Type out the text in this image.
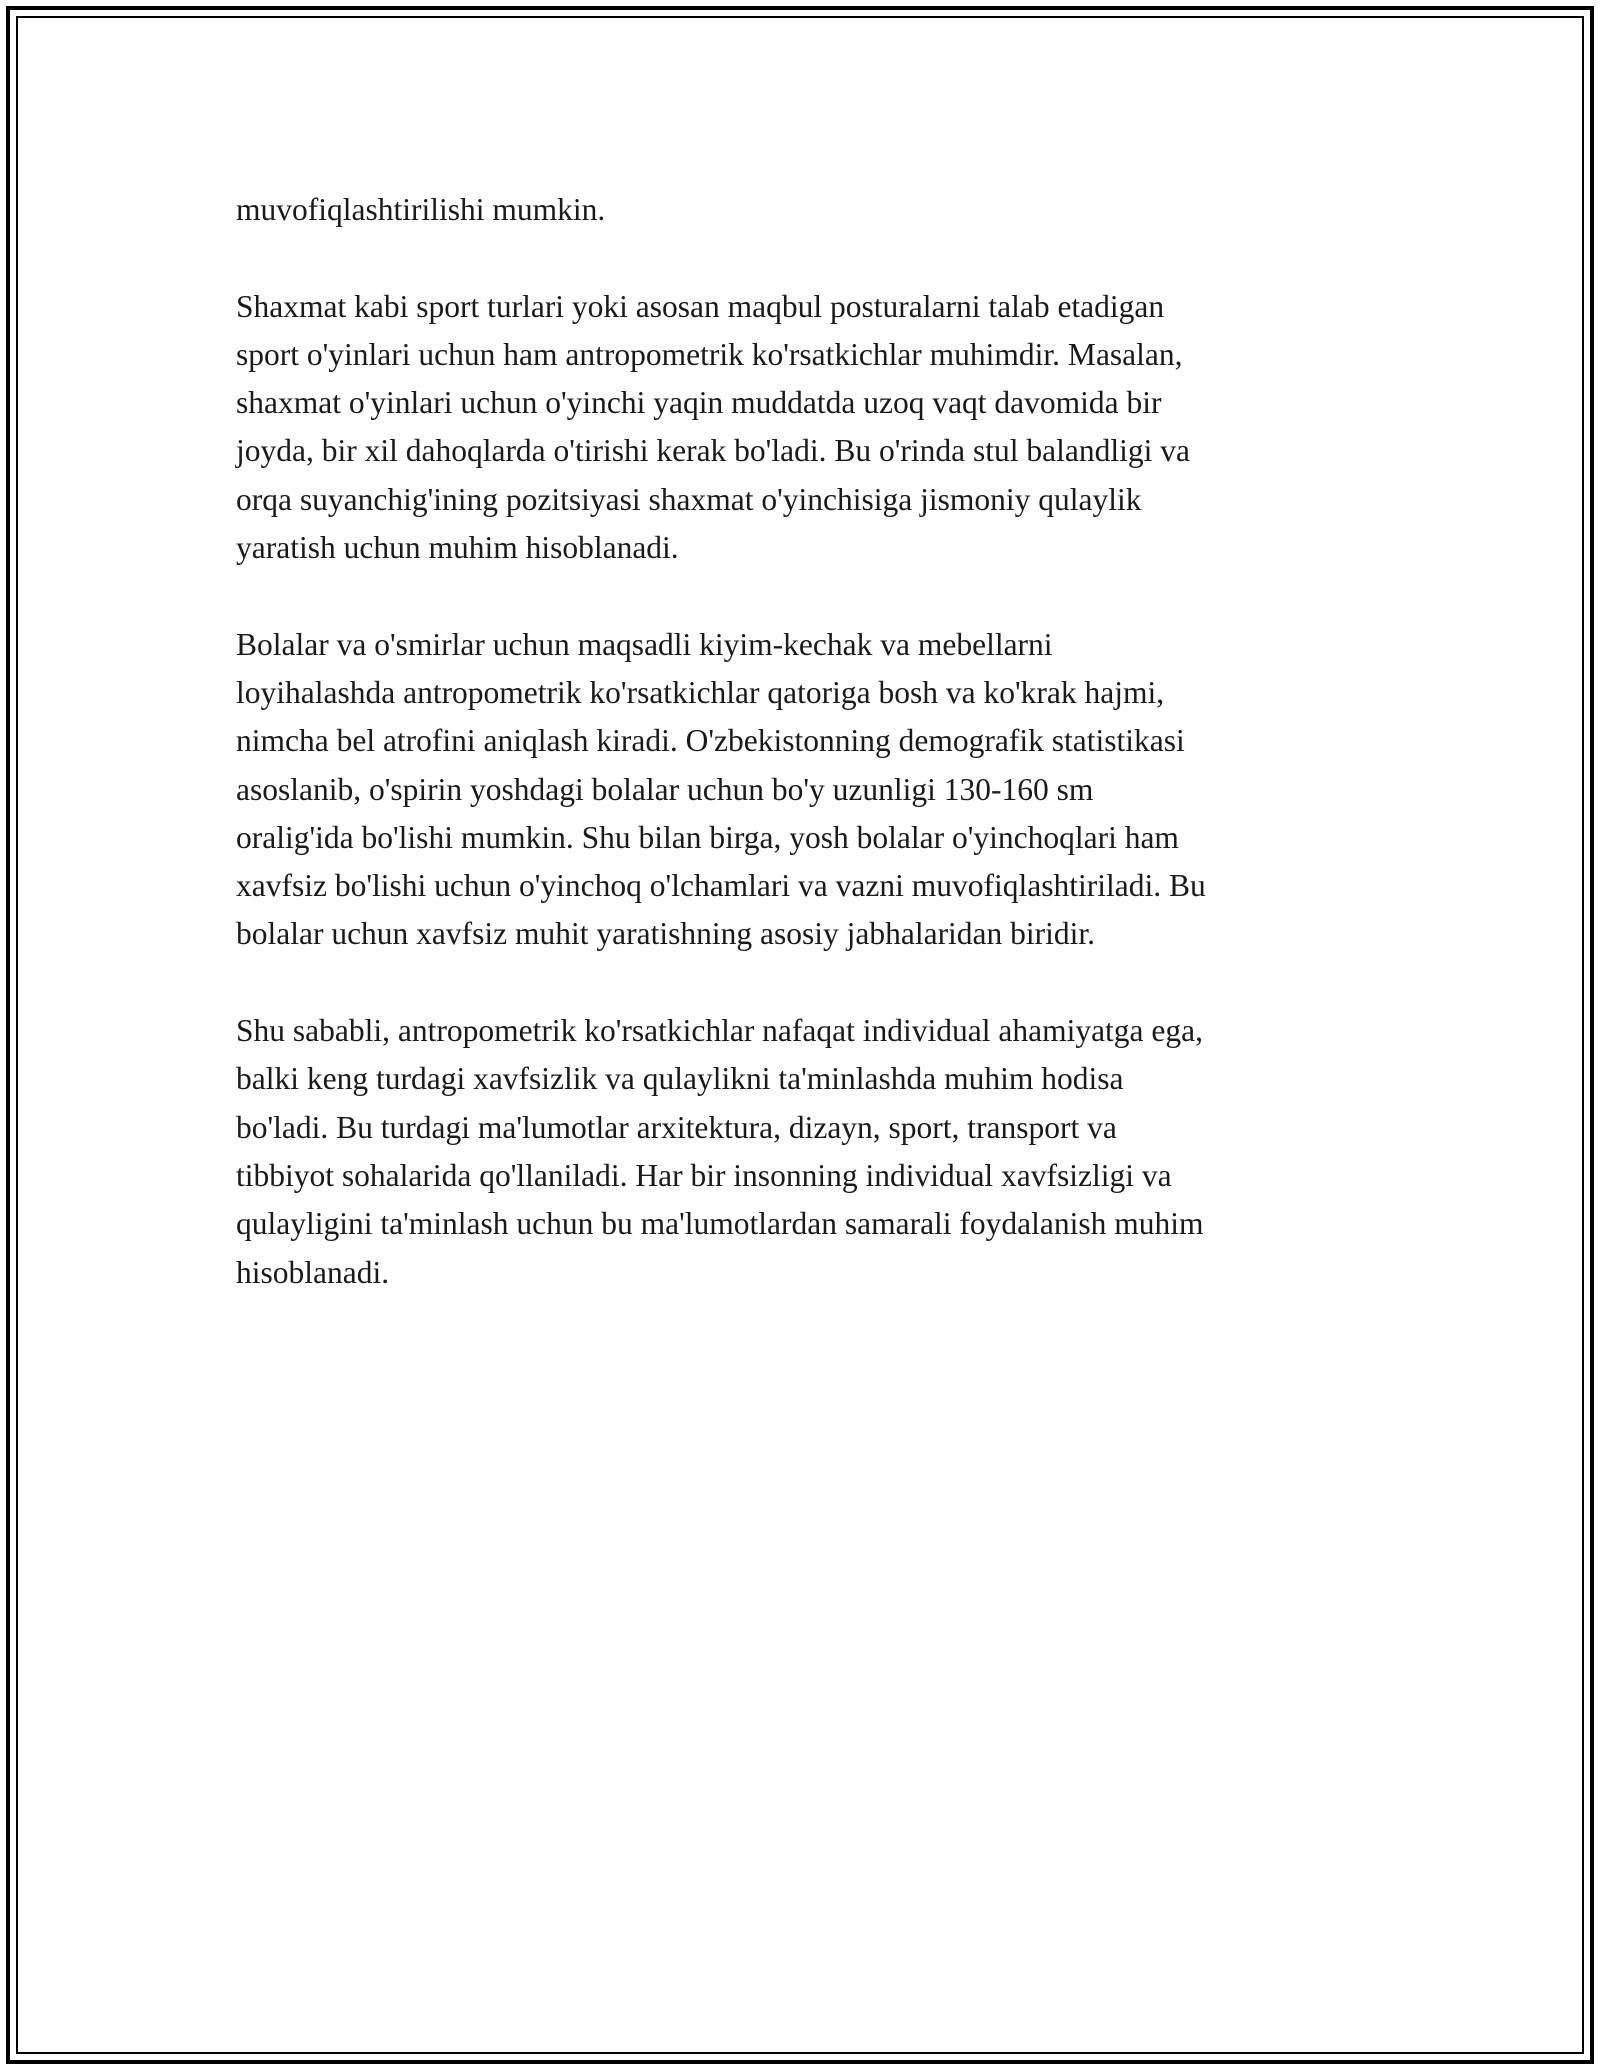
muvofiqlashtirilishi mumkin.

Shaxmat kabi sport turlari yoki asosan maqbul posturalarni talab etadigan
sport o'yinlari uchun ham antropometrik ko'rsatkichlar muhimdir. Masalan,
shaxmat o'yinlari uchun o'yinchi yaqin muddatda uzoq vaqt davomida bir
joyda, bir xil dahoqlarda o'tirishi kerak bo'ladi. Bu o'rinda stul balandligi va
orqa suyanchig'ining pozitsiyasi shaxmat o'yinchisiga jismoniy qulaylik
yaratish uchun muhim hisoblanadi.

Bolalar va o'smirlar uchun maqsadli kiyim-kechak va mebellarni
loyihalashda antropometrik ko'rsatkichlar qatoriga bosh va ko'krak hajmi,
nimcha bel atrofini aniqlash kiradi. O'zbekistonning demografik statistikasi
asoslanib, o'spirin yoshdagi bolalar uchun bo'y uzunligi 130-160 sm
oralig'ida bo'lishi mumkin. Shu bilan birga, yosh bolalar o'yinchoqlari ham
xavfsiz bo'lishi uchun o'yinchoq o'lchamlari va vazni muvofiqlashtiriladi. Bu
bolalar uchun xavfsiz muhit yaratishning asosiy jabhalaridan biridir.

Shu sababli, antropometrik ko'rsatkichlar nafaqat individual ahamiyatga ega,
balki keng turdagi xavfsizlik va qulaylikni ta'minlashda muhim hodisa
bo'ladi. Bu turdagi ma'lumotlar arxitektura, dizayn, sport, transport va
tibbiyot sohalarida qo'llaniladi. Har bir insonning individual xavfsizligi va
qulayligini ta'minlash uchun bu ma'lumotlardan samarali foydalanish muhim
hisoblanadi.
